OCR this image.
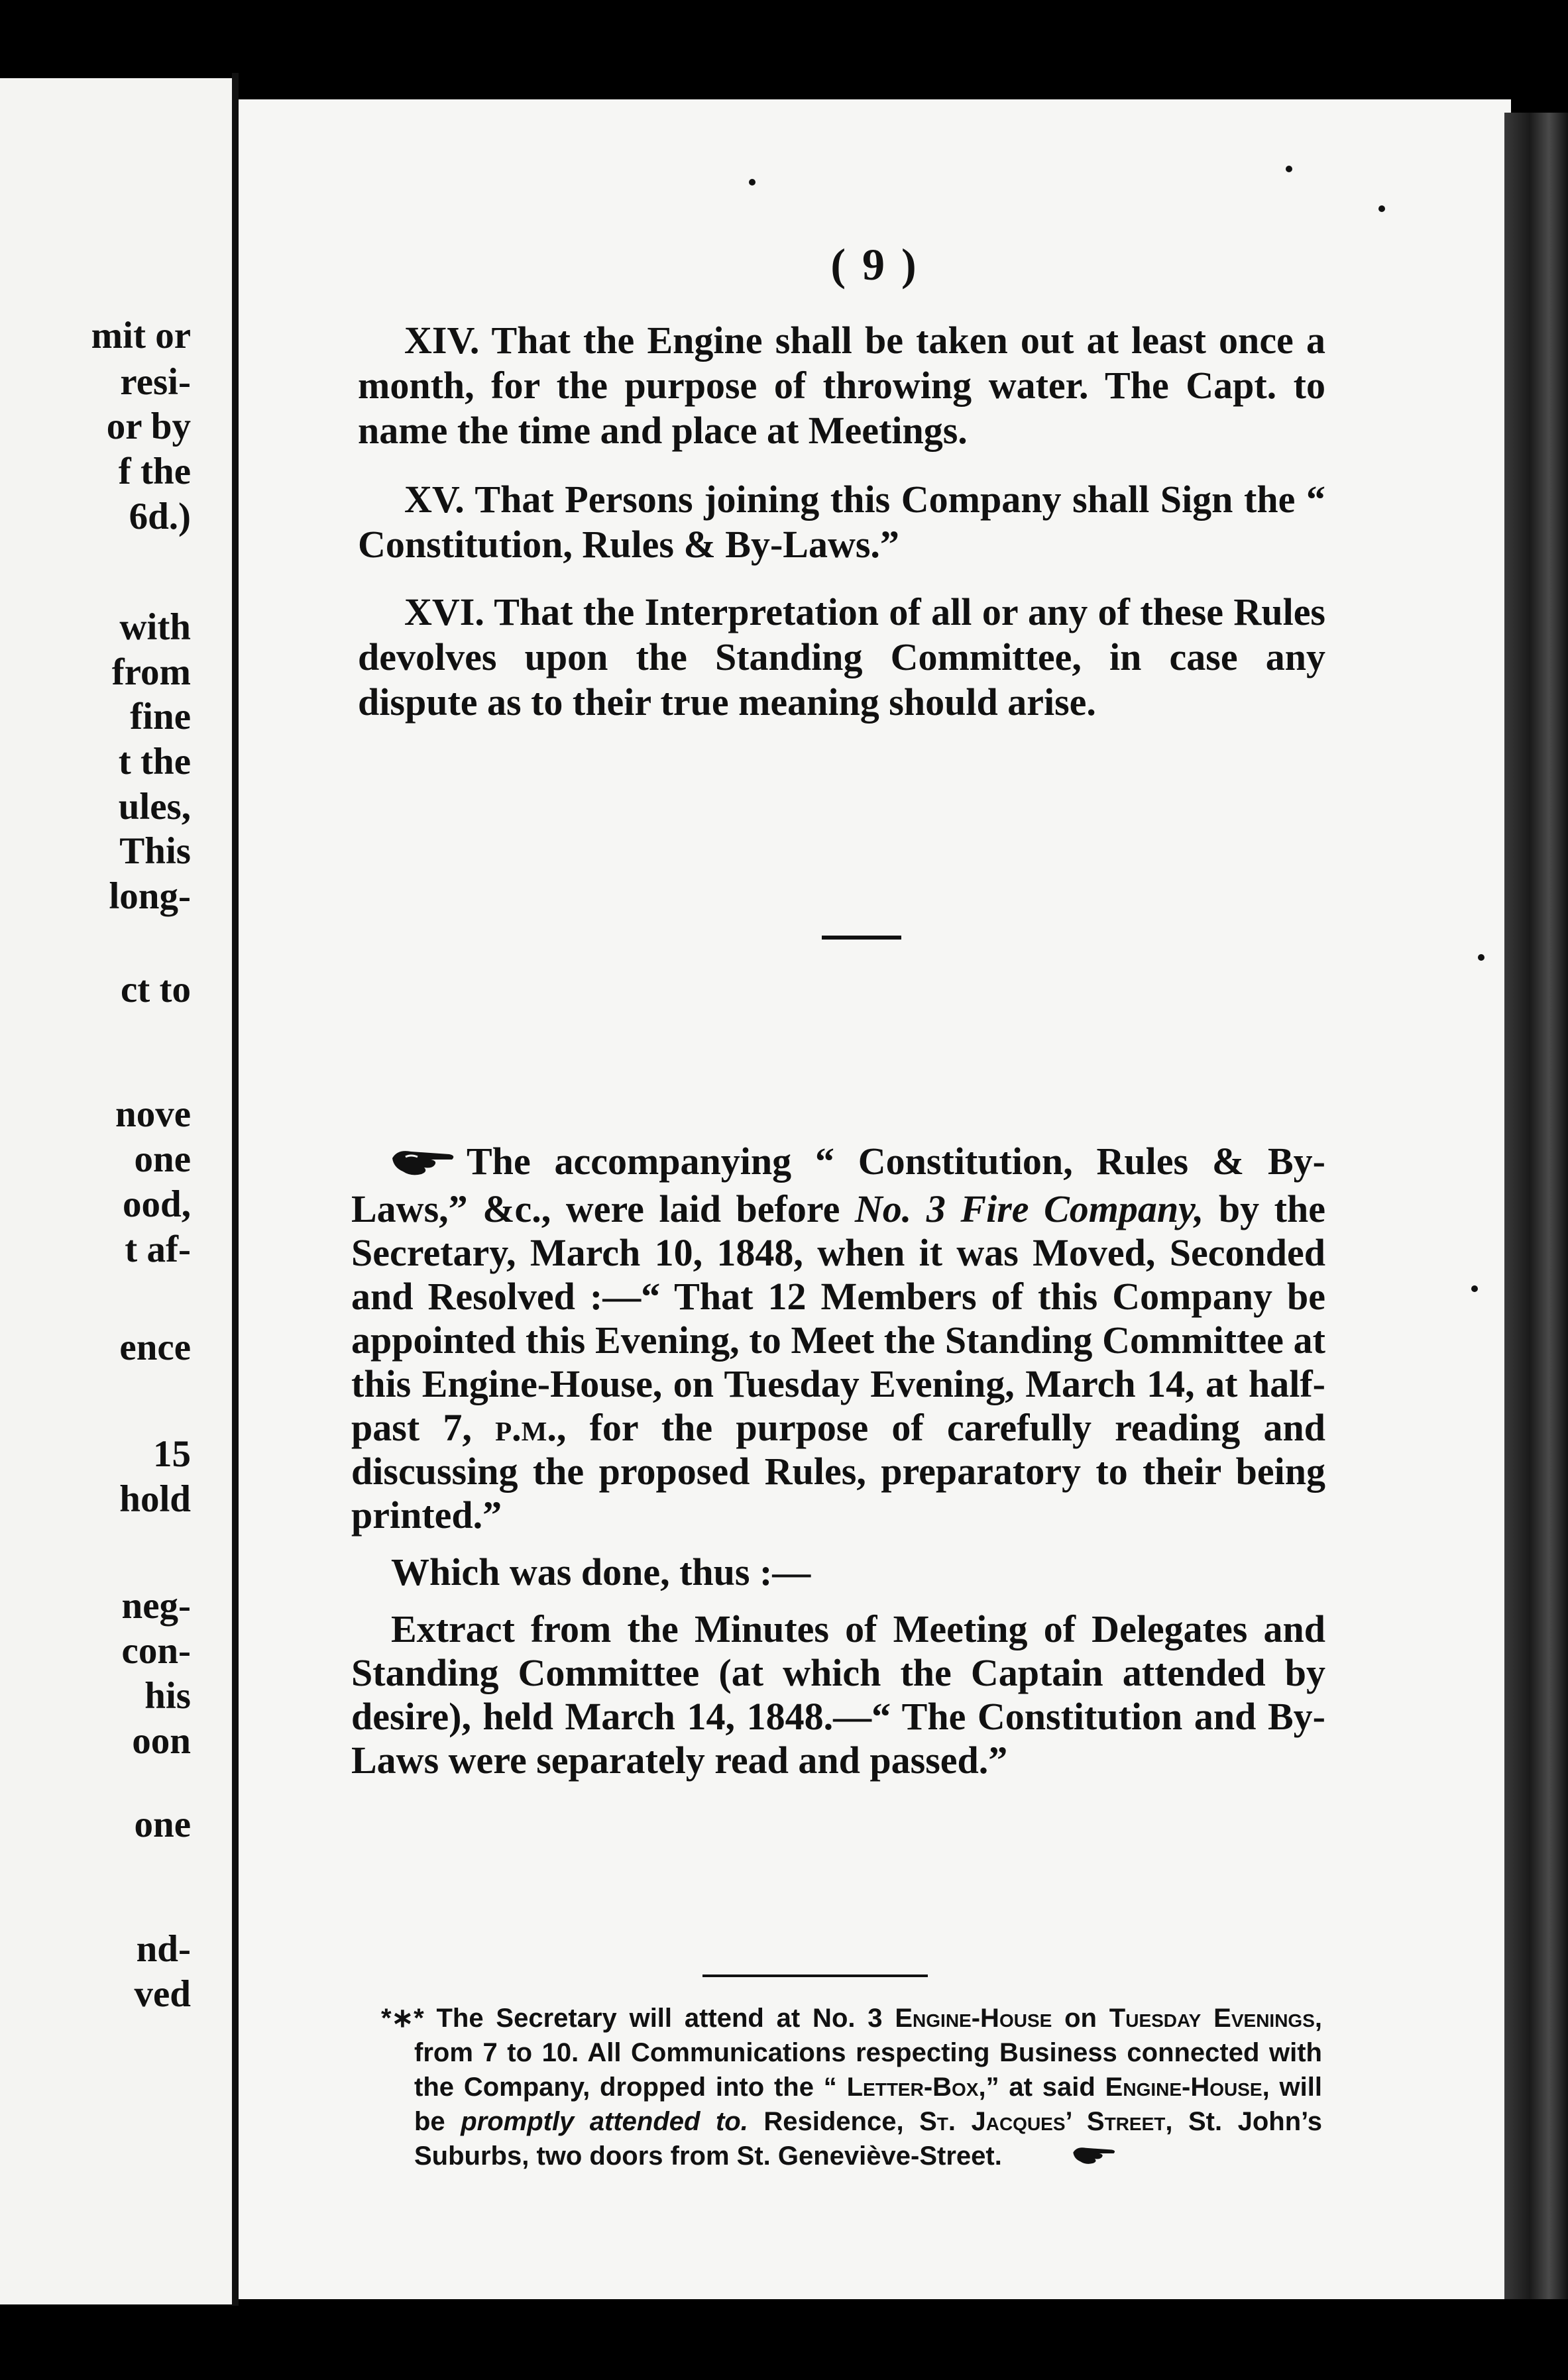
mit or
resi-
or by
f the
6d.)
with
from
fine
t the
ules,
This
long-
ct to
nove
one
ood,
t af-
ence
15
hold
neg-
con-
his
oon
one
nd-
ved
( 9 )

XIV. That the Engine shall be taken out at least once a month, for the purpose of throwing water. The Capt. to name the time and place at Meetings.

XV. That Persons joining this Company shall Sign the “ Constitution, Rules & By-Laws.”

XVI. That the Interpretation of all or any of these Rules devolves upon the Standing Committee, in case any dispute as to their true meaning should arise.

The accompanying “ Constitution, Rules & By-Laws,” &c., were laid before No. 3 Fire Company, by the Secretary, March 10, 1848, when it was Moved, Seconded and Resolved :—“ That 12 Members of this Company be appointed this Evening, to Meet the Standing Committee at this Engine-House, on Tuesday Evening, March 14, at half-past 7, p.m., for the purpose of carefully reading and discussing the proposed Rules, preparatory to their being printed.”

Which was done, thus :—

Extract from the Minutes of Meeting of Delegates and Standing Committee (at which the Captain attended by desire), held March 14, 1848.—“ The Constitution and By-Laws were separately read and passed.”

*∗* The Secretary will attend at No. 3 Engine-House on Tuesday Evenings, from 7 to 10. All Communications respecting Business connected with the Company, dropped into the “ Letter-Box,” at said Engine-House, will be promptly attended to. Residence, St. Jacques’ Street, St. John’s Suburbs, two doors from St. Geneviève-Street.
